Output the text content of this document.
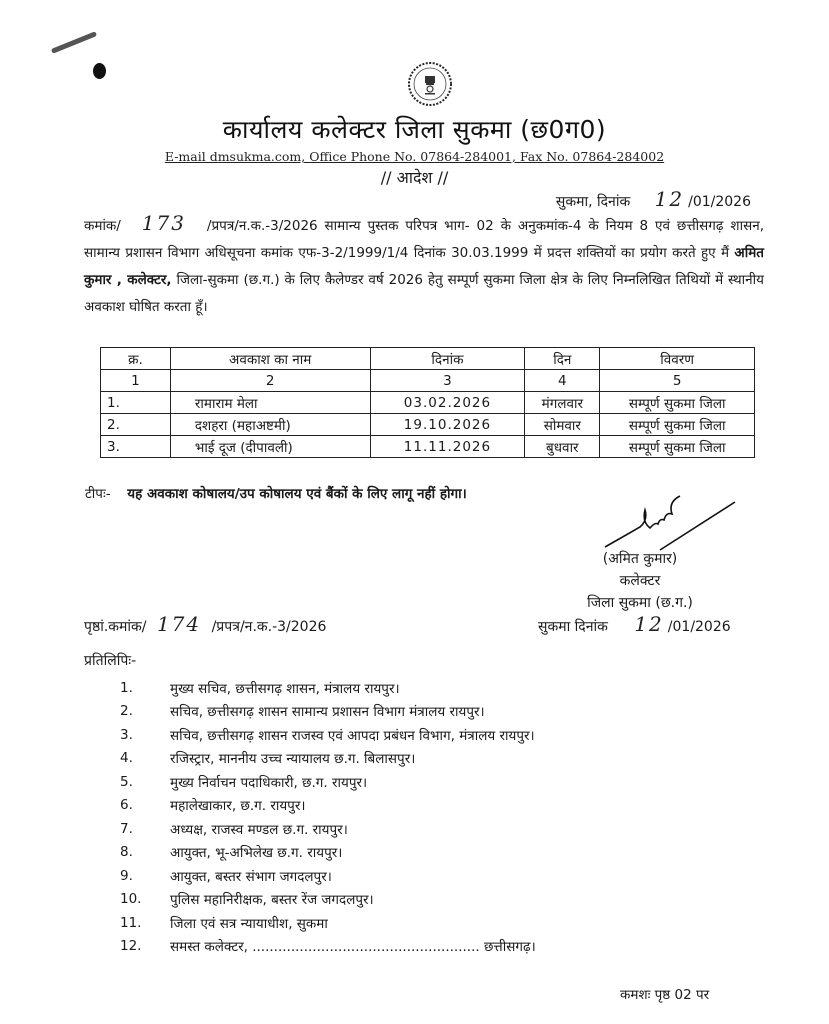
कार्यालय कलेक्टर जिला सुकमा (छ0ग0)
E-mail dmsukma.com, Office Phone No. 07864-284001, Fax No. 07864-284002
// आदेश //
सुकमा, दिनांक 12 /01/2026
कमांक/ 173 /प्रपत्र/न.क.-3/2026 सामान्य पुस्तक परिपत्र भाग- 02 के अनुकमांक-4 के नियम 8 एवं छत्तीसगढ़ शासन, सामान्य प्रशासन विभाग अधिसूचना कमांक एफ-3-2/1999/1/4 दिनांक 30.03.1999 में प्रदत्त शक्तियों का प्रयोग करते हुए मैं अमित कुमार , कलेक्टर, जिला-सुकमा (छ.ग.) के लिए कैलेण्डर वर्ष 2026 हेतु सम्पूर्ण सुकमा जिला क्षेत्र के लिए निम्नलिखित तिथियों में स्थानीय अवकाश घोषित करता हूँ।
क्र.	अवकाश का नाम	दिनांक	दिन	विवरण
1	2	3	4	5
1.	रामाराम मेला	03.02.2026	मंगलवार	सम्पूर्ण सुकमा जिला
2.	दशहरा (महाअष्टमी)	19.10.2026	सोमवार	सम्पूर्ण सुकमा जिला
3.	भाई दूज (दीपावली)	11.11.2026	बुधवार	सम्पूर्ण सुकमा जिला
टीपः- यह अवकाश कोषालय/उप कोषालय एवं बैंकों के लिए लागू नहीं होगा।
(अमित कुमार)
कलेक्टर
जिला सुकमा (छ.ग.)
पृष्ठां.कमांक/ 174 /प्रपत्र/न.क.-3/2026	सुकमा दिनांक 12 /01/2026
प्रतिलिपिः-
1.	मुख्य सचिव, छत्तीसगढ़ शासन, मंत्रालय रायपुर।
2.	सचिव, छत्तीसगढ़ शासन सामान्य प्रशासन विभाग मंत्रालय रायपुर।
3.	सचिव, छत्तीसगढ़ शासन राजस्व एवं आपदा प्रबंधन विभाग, मंत्रालय रायपुर।
4.	रजिस्ट्रार, माननीय उच्च न्यायालय छ.ग. बिलासपुर।
5.	मुख्य निर्वाचन पदाधिकारी, छ.ग. रायपुर।
6.	महालेखाकार, छ.ग. रायपुर।
7.	अध्यक्ष, राजस्व मण्डल छ.ग. रायपुर।
8.	आयुक्त, भू-अभिलेख छ.ग. रायपुर।
9.	आयुक्त, बस्तर संभाग जगदलपुर।
10.	पुलिस महानिरीक्षक, बस्तर रेंज जगदलपुर।
11.	जिला एवं सत्र न्यायाधीश, सुकमा
12.	समस्त कलेक्टर, ..................................................... छत्तीसगढ़।
कमशः पृष्ठ 02 पर
